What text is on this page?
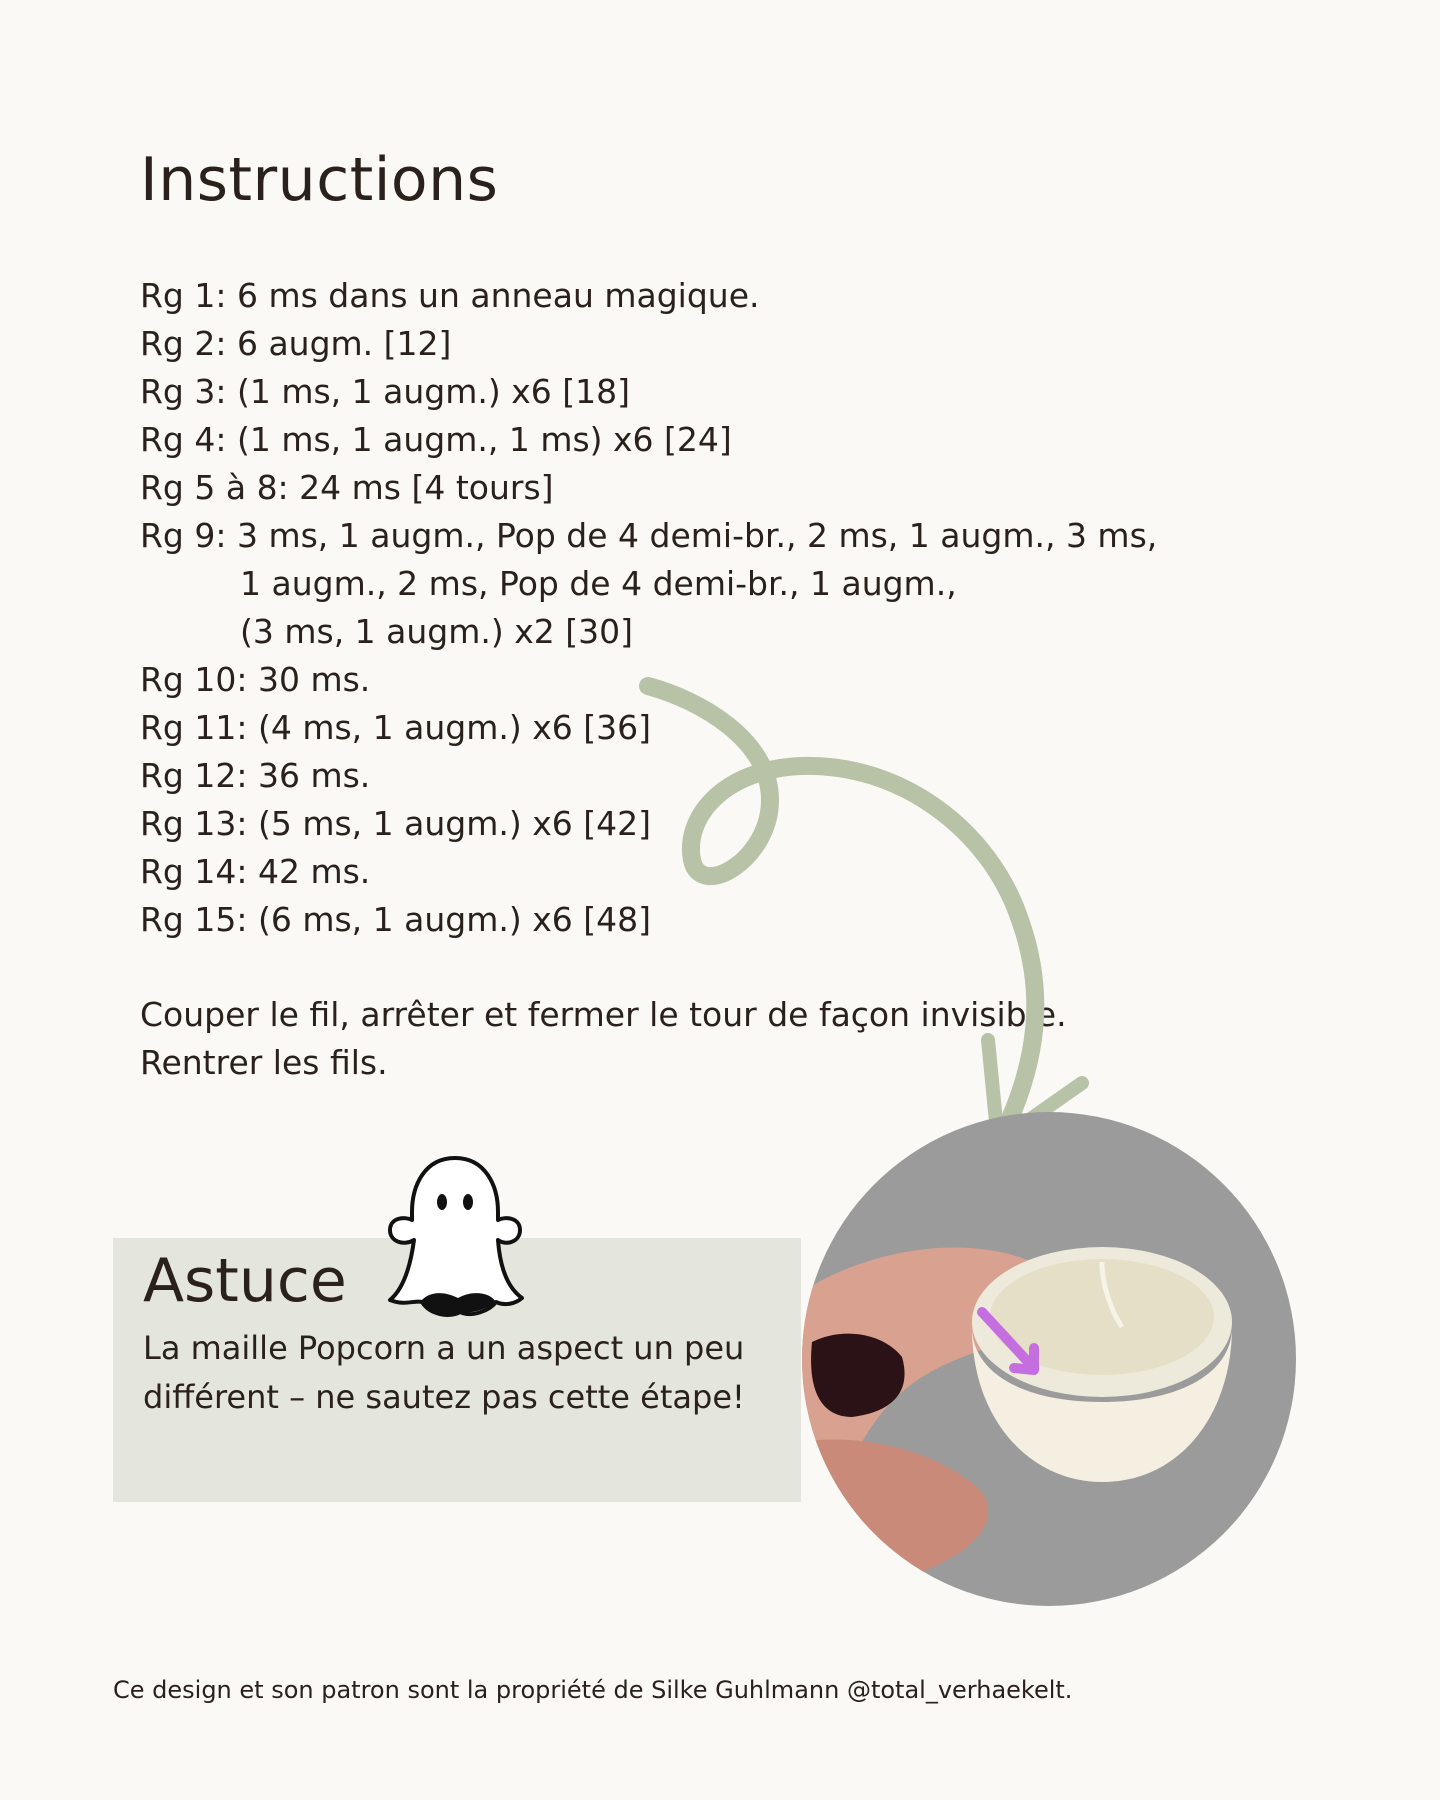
Instructions
Rg 1: 6 ms dans un anneau magique.
Rg 2: 6 augm. [12]
Rg 3: (1 ms, 1 augm.) x6 [18]
Rg 4: (1 ms, 1 augm., 1 ms) x6 [24]
Rg 5 à 8: 24 ms [4 tours]
Rg 9: 3 ms, 1 augm., Pop de 4 demi-br., 2 ms, 1 augm., 3 ms,
1 augm., 2 ms, Pop de 4 demi-br., 1 augm.,
(3 ms, 1 augm.) x2 [30]
Rg 10: 30 ms.
Rg 11: (4 ms, 1 augm.) x6 [36]
Rg 12: 36 ms.
Rg 13: (5 ms, 1 augm.) x6 [42]
Rg 14: 42 ms.
Rg 15: (6 ms, 1 augm.) x6 [48]
Couper le fil, arrêter et fermer le tour de façon invisible.
Rentrer les fils.
Astuce
La maille Popcorn a un aspect un peu différent – ne sautez pas cette étape!
Ce design et son patron sont la propriété de Silke Guhlmann @total_verhaekelt.
